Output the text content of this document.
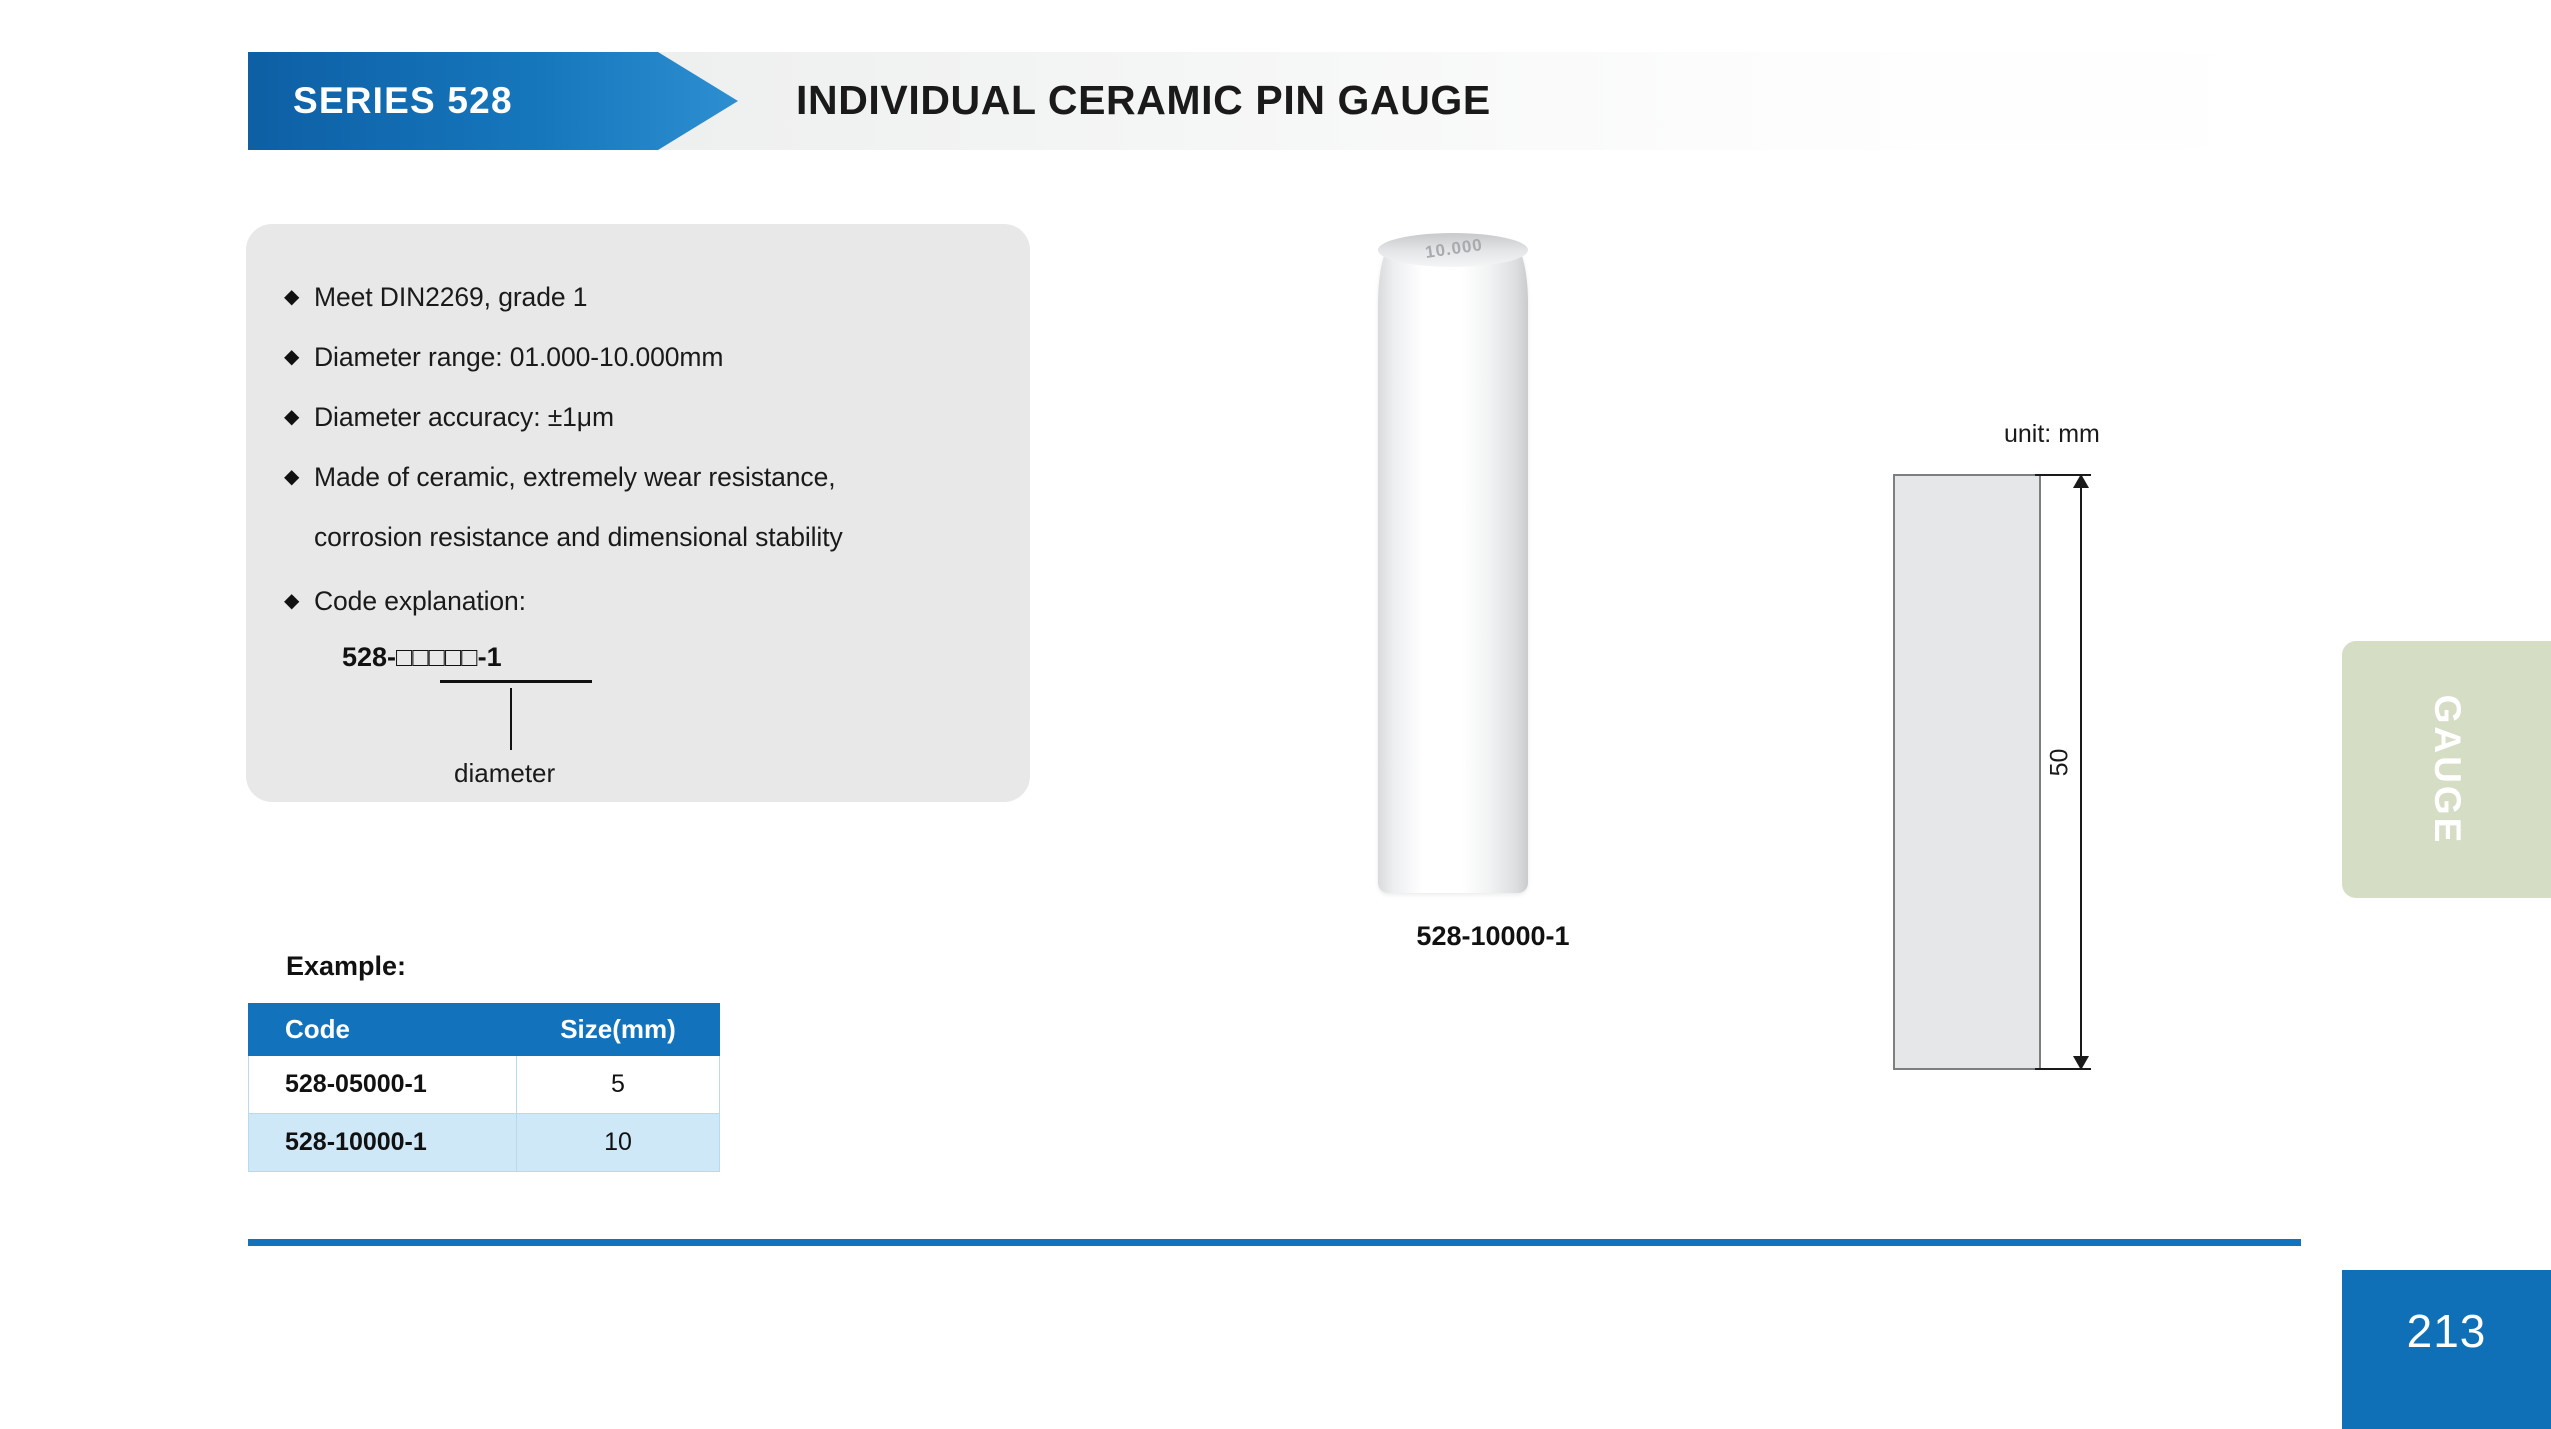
SERIES 528	INDIVIDUAL CERAMIC PIN GAUGE
◆ Meet DIN2269, grade 1
◆ Diameter range: 01.000-10.000mm
◆ Diameter accuracy: ±1μm
◆ Made of ceramic, extremely wear resistance,
corrosion resistance and dimensional stability
◆ Code explanation:
528-□□□□□-1
diameter
Example:
Code	Size(mm)
528-05000-1	5
528-10000-1	10
10.000
528-10000-1
unit: mm
50	GAUGE
213
